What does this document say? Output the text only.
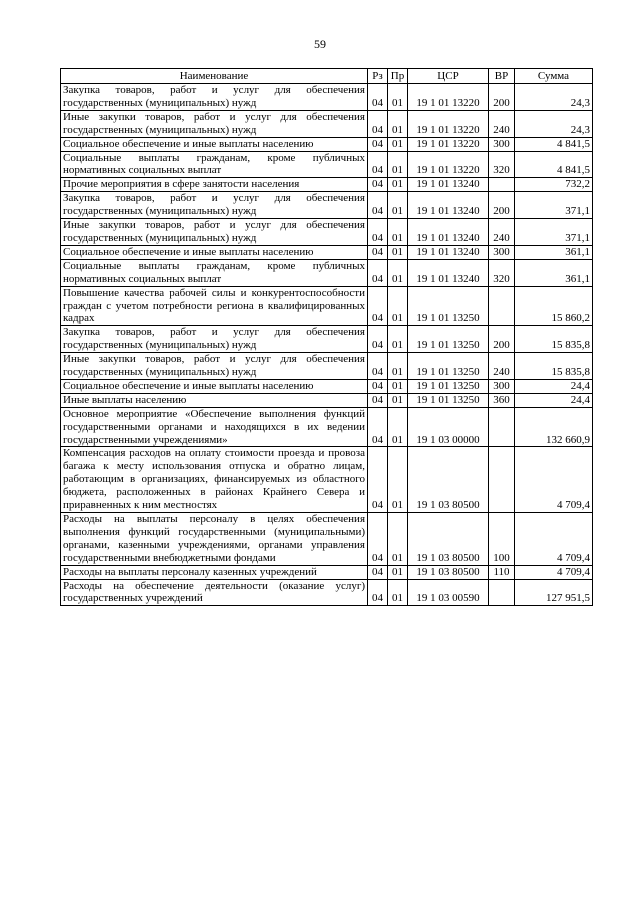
59
Наименование	Рз	Пр	ЦСР	ВР	Сумма
Закупка товаров, работ и услуг для обеспечения государственных (муниципальных) нужд	04	01	19 1 01 13220	200	24,3
Иные закупки товаров, работ и услуг для обеспечения государственных (муниципальных) нужд	04	01	19 1 01 13220	240	24,3
Социальное обеспечение и иные выплаты населению	04	01	19 1 01 13220	300	4 841,5
Социальные выплаты гражданам, кроме публичных нормативных социальных выплат	04	01	19 1 01 13220	320	4 841,5
Прочие мероприятия в сфере занятости населения	04	01	19 1 01 13240		732,2
Закупка товаров, работ и услуг для обеспечения государственных (муниципальных) нужд	04	01	19 1 01 13240	200	371,1
Иные закупки товаров, работ и услуг для обеспечения государственных (муниципальных) нужд	04	01	19 1 01 13240	240	371,1
Социальное обеспечение и иные выплаты населению	04	01	19 1 01 13240	300	361,1
Социальные выплаты гражданам, кроме публичных нормативных социальных выплат	04	01	19 1 01 13240	320	361,1
Повышение качества рабочей силы и конкурентоспособности граждан с учетом потребности региона в квалифицированных кадрах	04	01	19 1 01 13250		15 860,2
Закупка товаров, работ и услуг для обеспечения государственных (муниципальных) нужд	04	01	19 1 01 13250	200	15 835,8
Иные закупки товаров, работ и услуг для обеспечения государственных (муниципальных) нужд	04	01	19 1 01 13250	240	15 835,8
Социальное обеспечение и иные выплаты населению	04	01	19 1 01 13250	300	24,4
Иные выплаты населению	04	01	19 1 01 13250	360	24,4
Основное мероприятие «Обеспечение выполнения функций государственными органами и находящихся в их ведении государственными учреждениями»	04	01	19 1 03 00000		132 660,9
Компенсация расходов на оплату стоимости проезда и провоза багажа к месту использования отпуска и обратно лицам, работающим в организациях, финансируемых из областного бюджета, расположенных в районах Крайнего Севера и приравненных к ним местностях	04	01	19 1 03 80500		4 709,4
Расходы на выплаты персоналу в целях обеспечения выполнения функций государственными (муниципальными) органами, казенными учреждениями, органами управления государственными внебюджетными фондами	04	01	19 1 03 80500	100	4 709,4
Расходы на выплаты персоналу казенных учреждений	04	01	19 1 03 80500	110	4 709,4
Расходы на обеспечение деятельности (оказание услуг) государственных учреждений	04	01	19 1 03 00590		127 951,5
